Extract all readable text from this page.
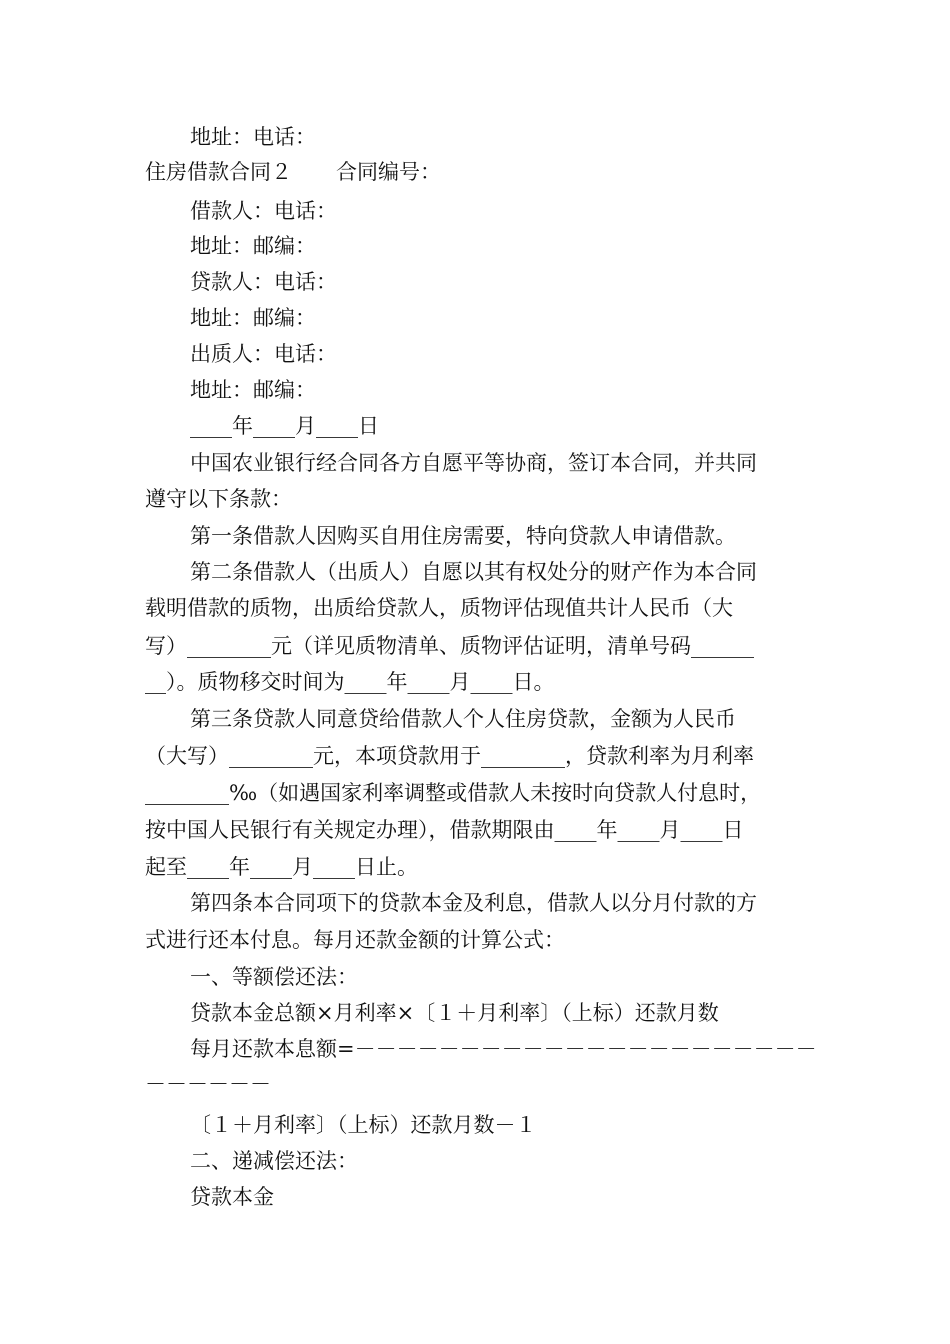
地址：电话：
住房借款合同２ 合同编号：
借款人：电话：
地址：邮编：
贷款人：电话：
地址：邮编：
出质人：电话：
地址：邮编：
____年____月____日
中国农业银行经合同各方自愿平等协商，签订本合同，并共同
遵守以下条款：
第一条借款人因购买自用住房需要，特向贷款人申请借款。
第二条借款人（出质人）自愿以其有权处分的财产作为本合同
载明借款的质物，出质给贷款人，质物评估现值共计人民币（大
写）________元（详见质物清单、质物评估证明，清单号码______
__）。质物移交时间为____年____月____日。
第三条贷款人同意贷给借款人个人住房贷款，金额为人民币
（大写）________元，本项贷款用于________，贷款利率为月利率
________‰（如遇国家利率调整或借款人未按时向贷款人付息时，
按中国人民银行有关规定办理），借款期限由____年____月____日
起至____年____月____日止。
第四条本合同项下的贷款本金及利息，借款人以分月付款的方
式进行还本付息。每月还款金额的计算公式：
一、等额偿还法：
贷款本金总额×月利率×〔１＋月利率〕（上标）还款月数
每月还款本息额=－－－－－－－－－－－－－－－－－－－－－－
－－－－－－
〔１＋月利率〕（上标）还款月数－１
二、递减偿还法：
贷款本金
